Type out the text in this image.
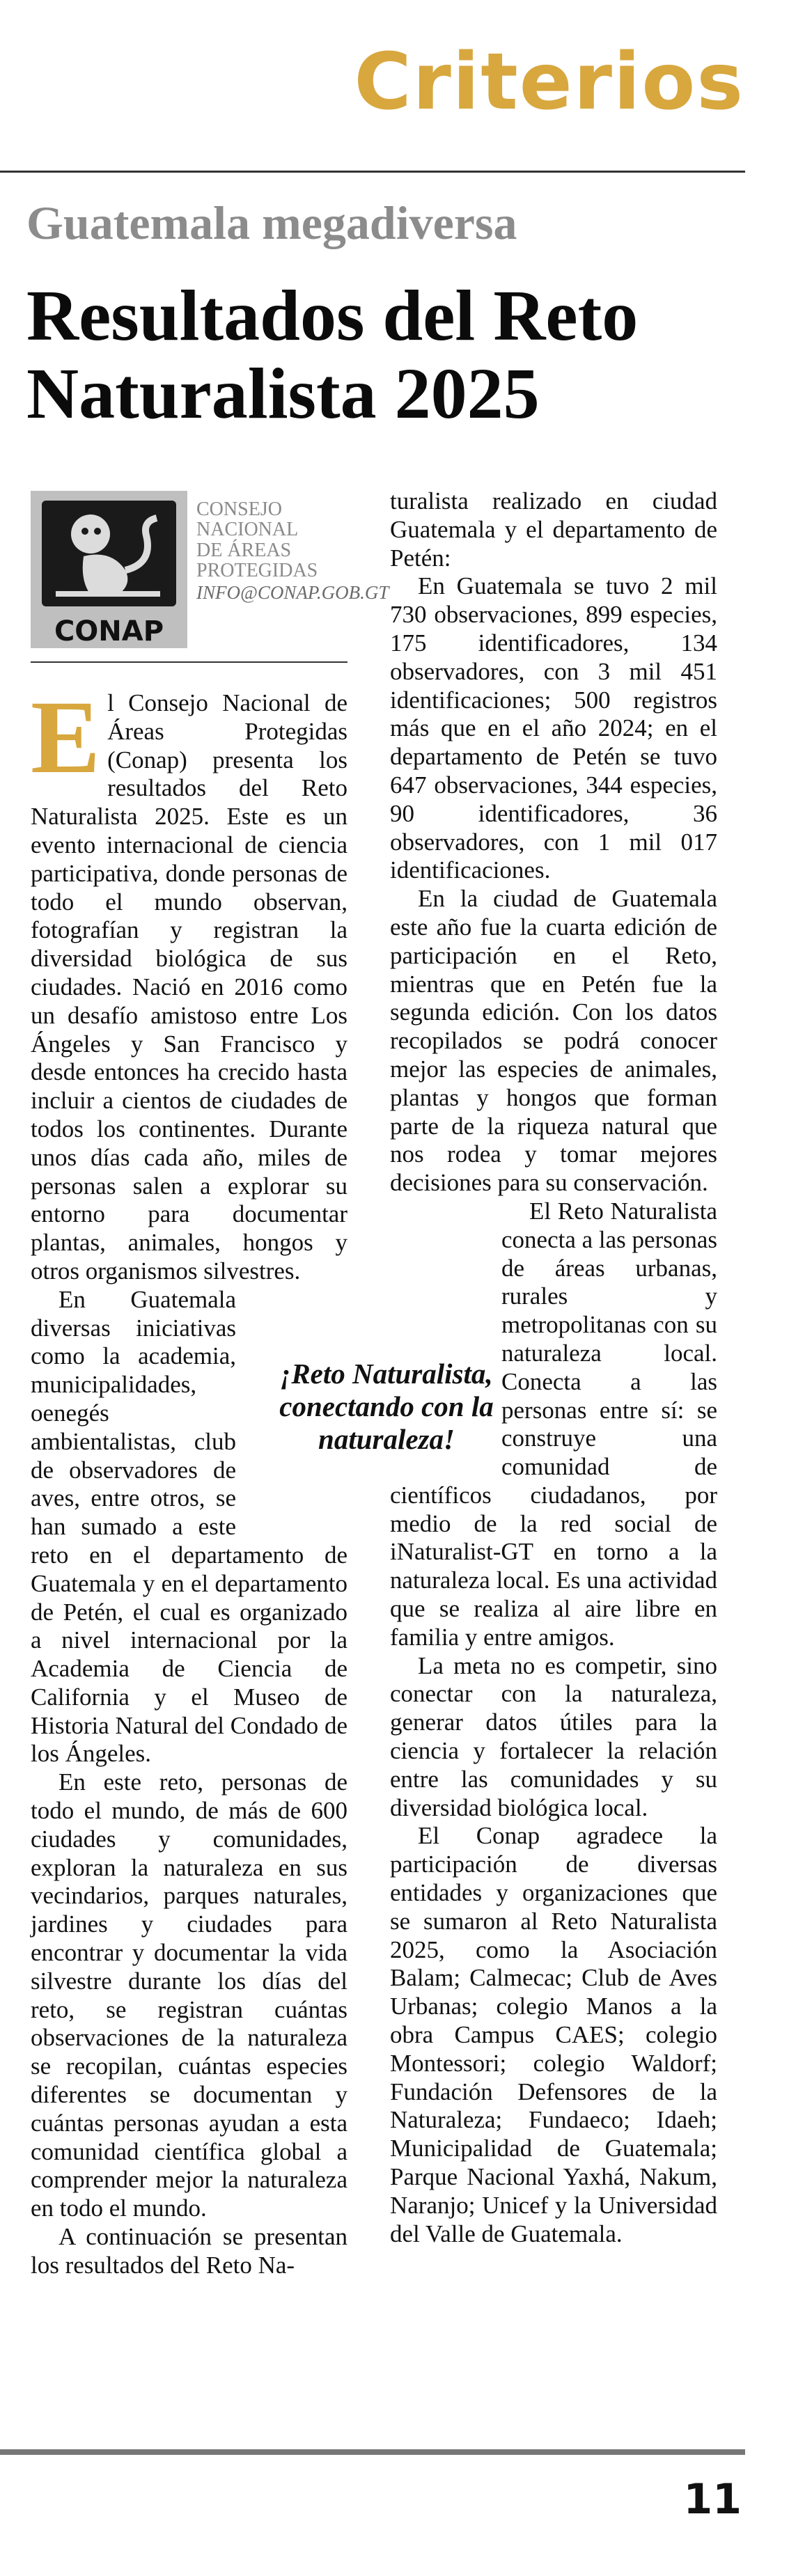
Criterios
Guatemala megadiversa
Resultados del Reto Naturalista 2025
CONAP
CONSEJO
NACIONAL
DE ÁREAS
PROTEGIDAS
INFO@CONAP.GOB.GT

El Consejo Nacional de Áreas Protegidas (Conap) presenta los resultados del Reto Naturalista 2025. Este es un evento internacional de ciencia participativa, donde personas de todo el mundo observan, fotografían y registran la diversidad biológica de sus ciudades. Nació en 2016 como un desafío amistoso entre Los Ángeles y San Francisco y desde entonces ha crecido hasta incluir a cientos de ciudades de todos los continentes. Durante unos días cada año, miles de personas salen a explorar su entorno para documentar plantas, animales, hongos y otros organismos silvestres.

En Guatemala diversas iniciativas como la academia, municipalidades, oenegés ambientalistas, club de observadores de aves, entre otros, se han sumado a este reto en el departamento de Guatemala y en el departamento de Petén, el cual es organizado a nivel internacional por la Academia de Ciencia de California y el Museo de Historia Natural del Condado de los Ángeles.

En este reto, personas de todo el mundo, de más de 600 ciudades y comunidades, exploran la naturaleza en sus vecindarios, parques naturales, jardines y ciudades para encontrar y documentar la vida silvestre durante los días del reto, se registran cuántas observaciones de la naturaleza se recopilan, cuántas especies diferentes se documentan y cuántas personas ayudan a esta comunidad científica global a comprender mejor la naturaleza en todo el mundo.

A continuación se presentan los resultados del Reto Na-

turalista realizado en ciudad Guatemala y el departamento de Petén:

En Guatemala se tuvo 2 mil 730 observaciones, 899 especies, 175 identificadores, 134 observadores, con 3 mil 451 identificaciones; 500 registros más que en el año 2024; en el departamento de Petén se tuvo 647 observaciones, 344 especies, 90 identificadores, 36 observadores, con 1 mil 017 identificaciones.

En la ciudad de Guatemala este año fue la cuarta edición de participación en el Reto, mientras que en Petén fue la segunda edición. Con los datos recopilados se podrá conocer mejor las especies de animales, plantas y hongos que forman parte de la riqueza natural que nos rodea y tomar mejores decisiones para su conservación.

El Reto Naturalista conecta a las personas de áreas urbanas, rurales y metropolitanas con su naturaleza local. Conecta a las personas entre sí: se construye una comunidad de científicos ciudadanos, por medio de la red social de iNaturalist-GT en torno a la naturaleza local. Es una actividad que se realiza al aire libre en familia y entre amigos.

La meta no es competir, sino conectar con la naturaleza, generar datos útiles para la ciencia y fortalecer la relación entre las comunidades y su diversidad biológica local.

El Conap agradece la participación de diversas entidades y organizaciones que se sumaron al Reto Naturalista 2025, como la Asociación Balam; Calmecac; Club de Aves Urbanas; colegio Manos a la obra Campus CAES; colegio Montessori; colegio Waldorf; Fundación Defensores de la Naturaleza; Fundaeco; Idaeh; Municipalidad de Guatemala; Parque Nacional Yaxhá, Nakum, Naranjo; Unicef y la Universidad del Valle de Guatemala.

¡Reto Naturalista, conectando con la naturaleza!
11
